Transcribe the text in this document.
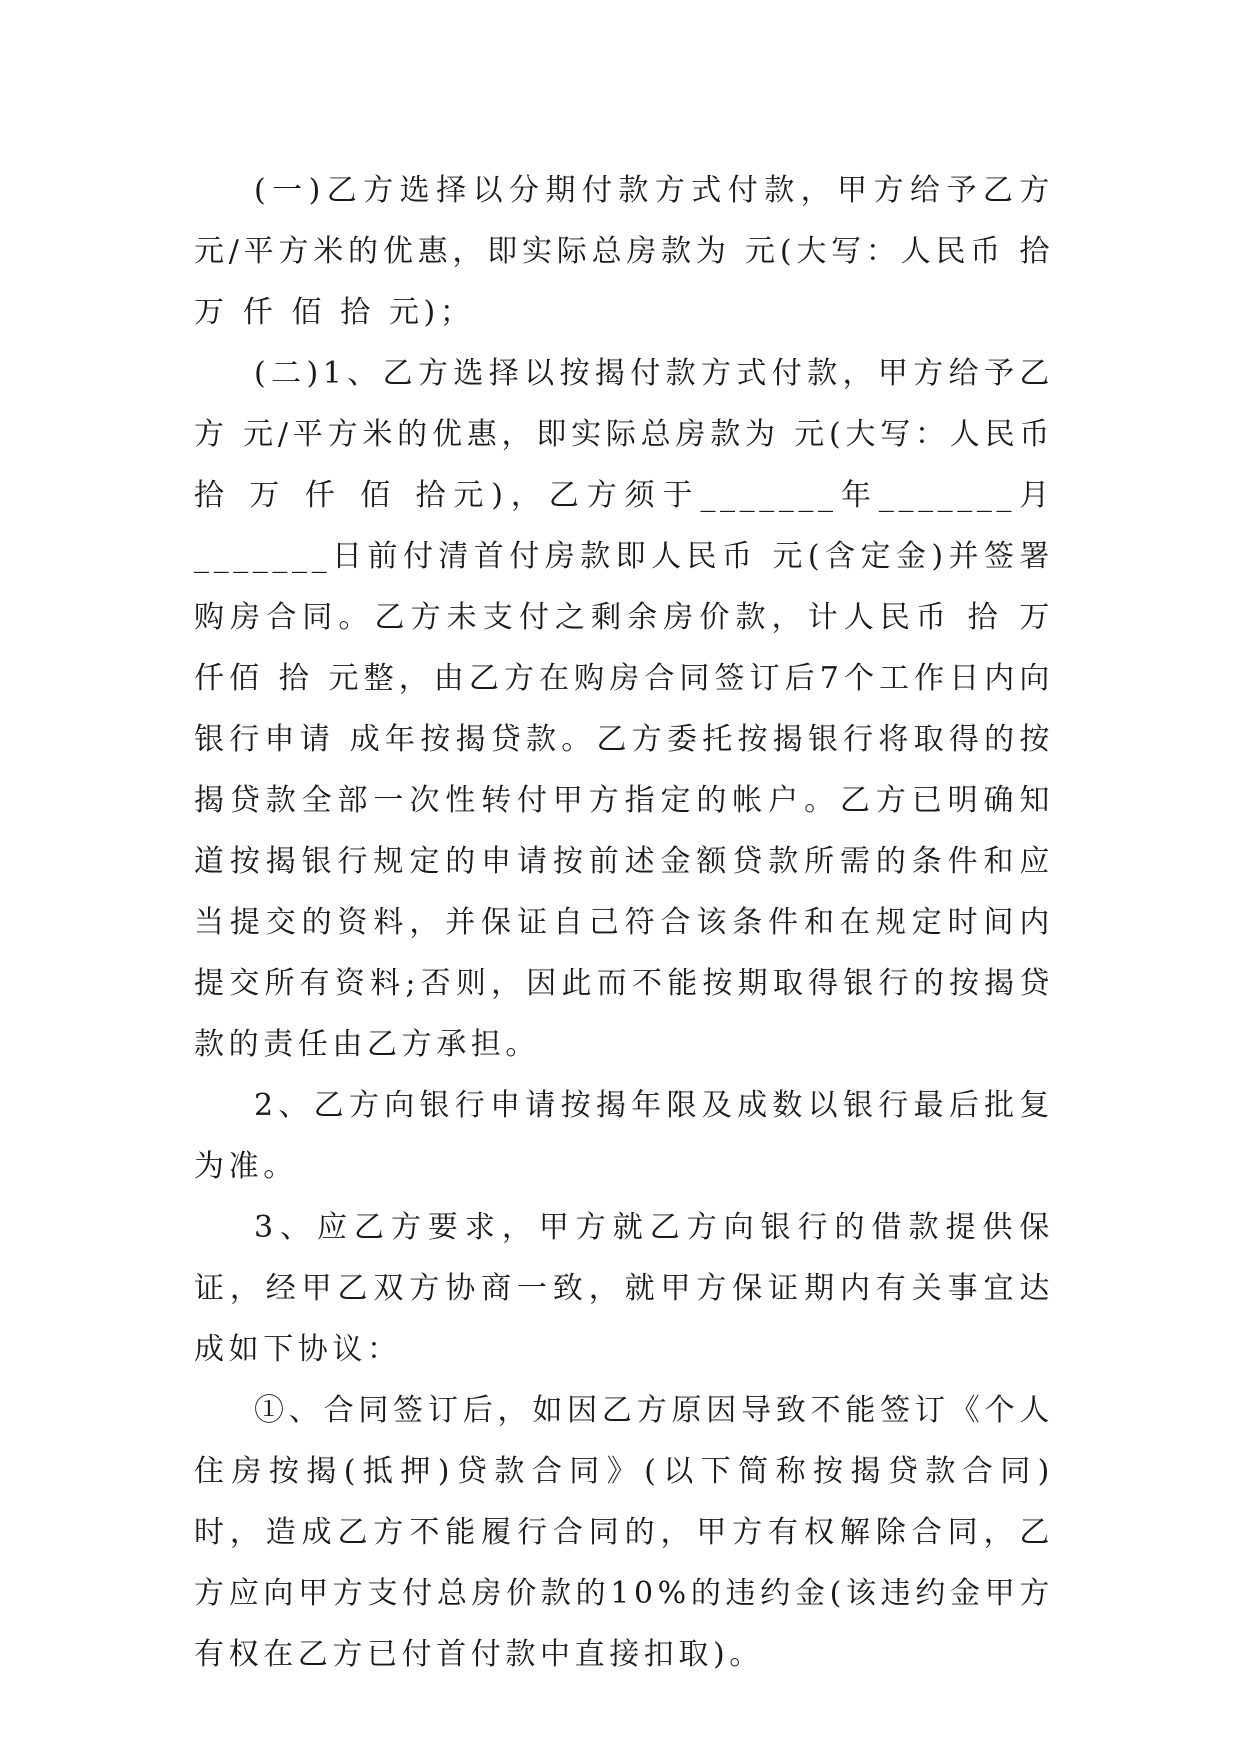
(一)乙方选择以分期付款方式付款，甲方给予乙方 元/平方米的优惠，即实际总房款为 元(大写：人民币 拾 万 仟 佰 拾 元)；

(二)1、乙方选择以按揭付款方式付款，甲方给予乙方 元/平方米的优惠，即实际总房款为 元(大写：人民币 拾 万 仟 佰 拾元)，乙方须于_______年_______月_______日前付清首付房款即人民币 元(含定金)并签署购房合同。乙方未支付之剩余房价款，计人民币 拾 万 仟佰 拾 元整，由乙方在购房合同签订后7个工作日内向银行申请 成年按揭贷款。乙方委托按揭银行将取得的按揭贷款全部一次性转付甲方指定的帐户。乙方已明确知道按揭银行规定的申请按前述金额贷款所需的条件和应当提交的资料，并保证自己符合该条件和在规定时间内提交所有资料;否则，因此而不能按期取得银行的按揭贷款的责任由乙方承担。

2、乙方向银行申请按揭年限及成数以银行最后批复为准。

3、应乙方要求，甲方就乙方向银行的借款提供保证，经甲乙双方协商一致，就甲方保证期内有关事宜达成如下协议：

①、合同签订后，如因乙方原因导致不能签订《个人住房按揭(抵押)贷款合同》(以下简称按揭贷款合同)时，造成乙方不能履行合同的，甲方有权解除合同，乙方应向甲方支付总房价款的10%的违约金(该违约金甲方有权在乙方已付首付款中直接扣取)。
